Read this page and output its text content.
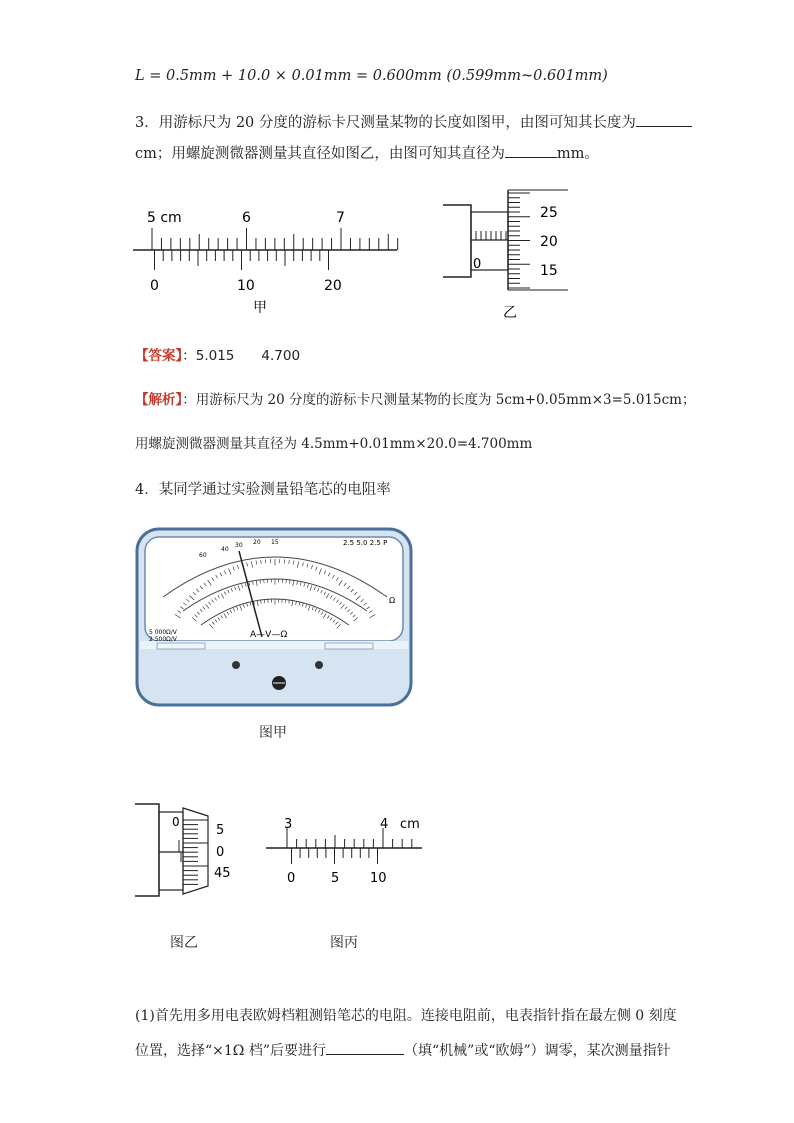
L = 0.5mm + 10.0 × 0.01mm = 0.600mm (0.599mm~0.601mm)
3．用游标尺为 20 分度的游标卡尺测量某物的长度如图甲，由图可知其长度为
cm；用螺旋测微器测量其直径如图乙，由图可知其直径为	mm。
5 cm	6	7
0	10	20
甲
25
20
15
0
乙
【答案】：5.015　　4.700
【解析】：用游标尺为 20 分度的游标卡尺测量某物的长度为 5cm+0.05mm×3=5.015cm；
用螺旋测微器测量其直径为 4.5mm+0.01mm×20.0=4.700mm
4．某同学通过实验测量铅笔芯的电阻率
60
40
30 20 15	2.5 5.0 2.5 P
Ω
5 000Ω/V
2 500Ω/V	A—V—Ω
图甲
5
0
45
0
图乙
3	4 cm
0	5 10
图丙
(1)首先用多用电表欧姆档粗测铅笔芯的电阻。连接电阻前，电表指针指在最左侧 0 刻度
位置，选择“×1Ω 档”后要进行	（填“机械”或“欧姆”）调零，某次测量指针
